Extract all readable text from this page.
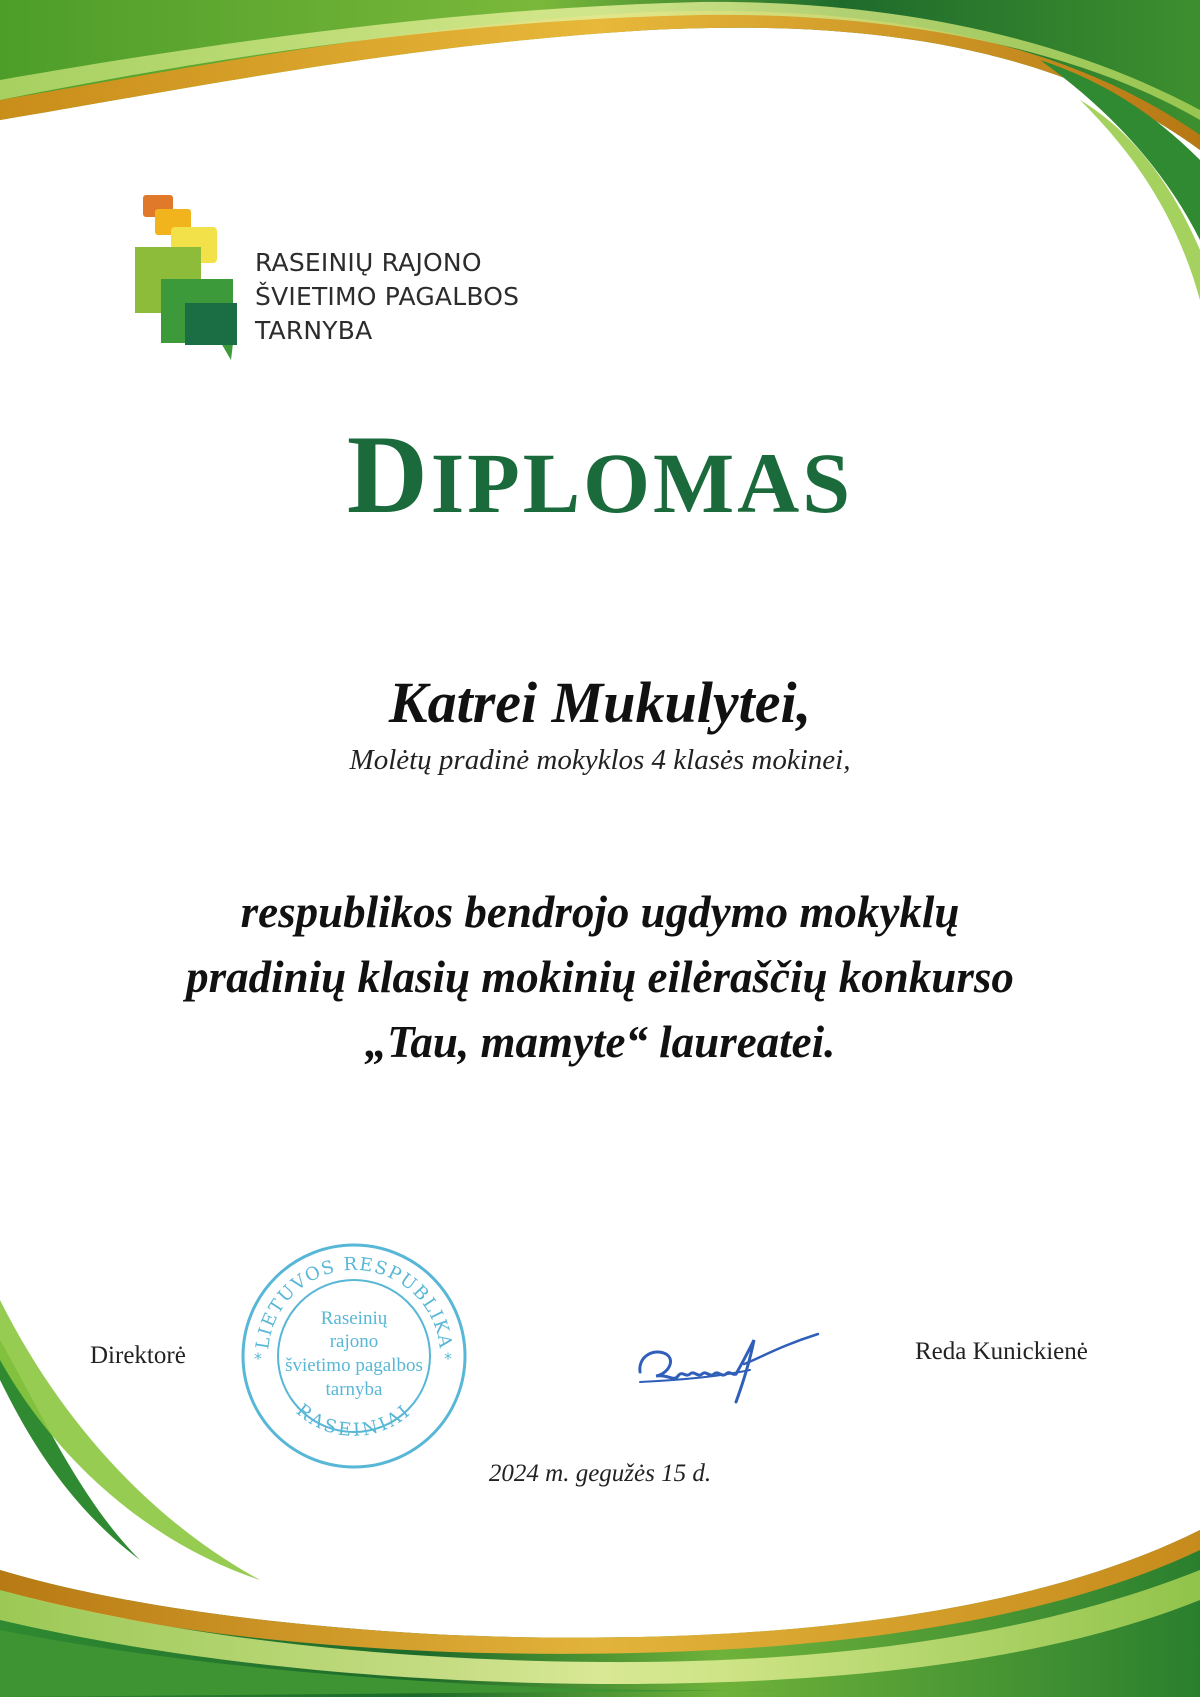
RASEINIŲ RAJONO
ŠVIETIMO PAGALBOS
TARNYBA
DIPLOMAS
Katrei Mukulytei,
Molėtų pradinė mokyklos 4 klasės mokinei,
respublikos bendrojo ugdymo mokyklų
pradinių klasių mokinių eilėraščių konkurso
„Tau, mamyte“ laureatei.
Direktorė	LIETUVOS RESPUBLIKA
RASEINIAI
*	*
Raseinių
rajono
švietimo pagalbos
tarnyba
Reda Kunickienė
2024 m. gegužės 15 d.
